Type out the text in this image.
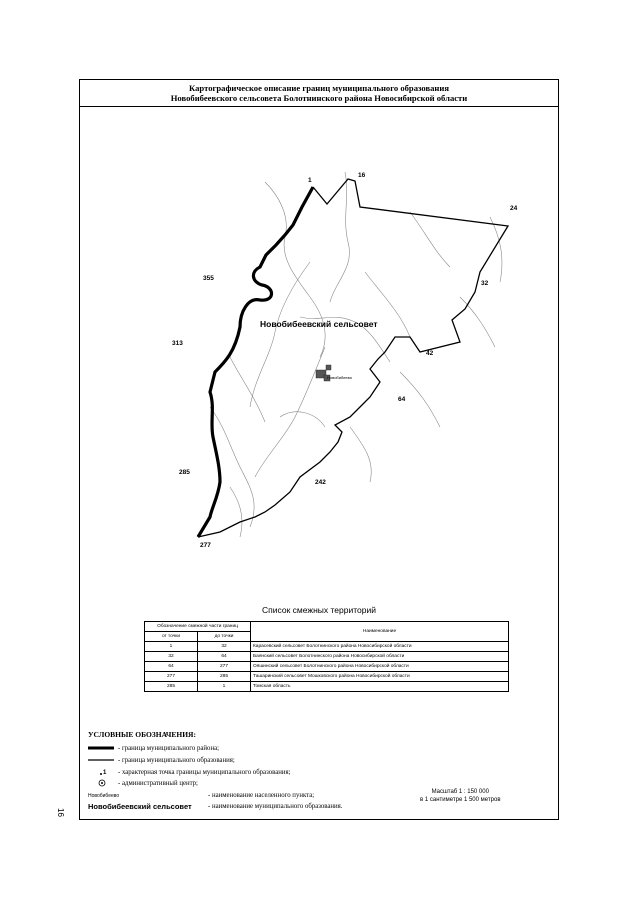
Картографическое описание границ муниципального образования
Новобибеевского сельсовета Болотнинского района Новосибирской области
1
16
24
32
42
64
242
277
285
313
355
Новобибеевский сельсовет
Новобибеево
Список смежных территорий
Обозначение смежной части границ		Наименование
от точки	до точки	
1	32	Карасевский сельсовет Болотнинского района Новосибирской области
32	64	Баянский сельсовет Болотнинского района Новосибирской области
64	277	Ояшинский сельсовет Болотнинского района Новосибирской области
277	285	Ташаринский сельсовет Мошковского района Новосибирской области
285	1	Томская область
УСЛОВНЫЕ ОБОЗНАЧЕНИЯ:
- граница муниципального района;
- граница муниципального образования;
1 - характерная точка границы муниципального образования;
- административный центр;
Новобибеево	- наименование населенного пункта;
Новобибеевский сельсовет	- наименование муниципального образования.
Масштаб 1 : 150 000
в 1 сантиметре 1 500 метров
16
